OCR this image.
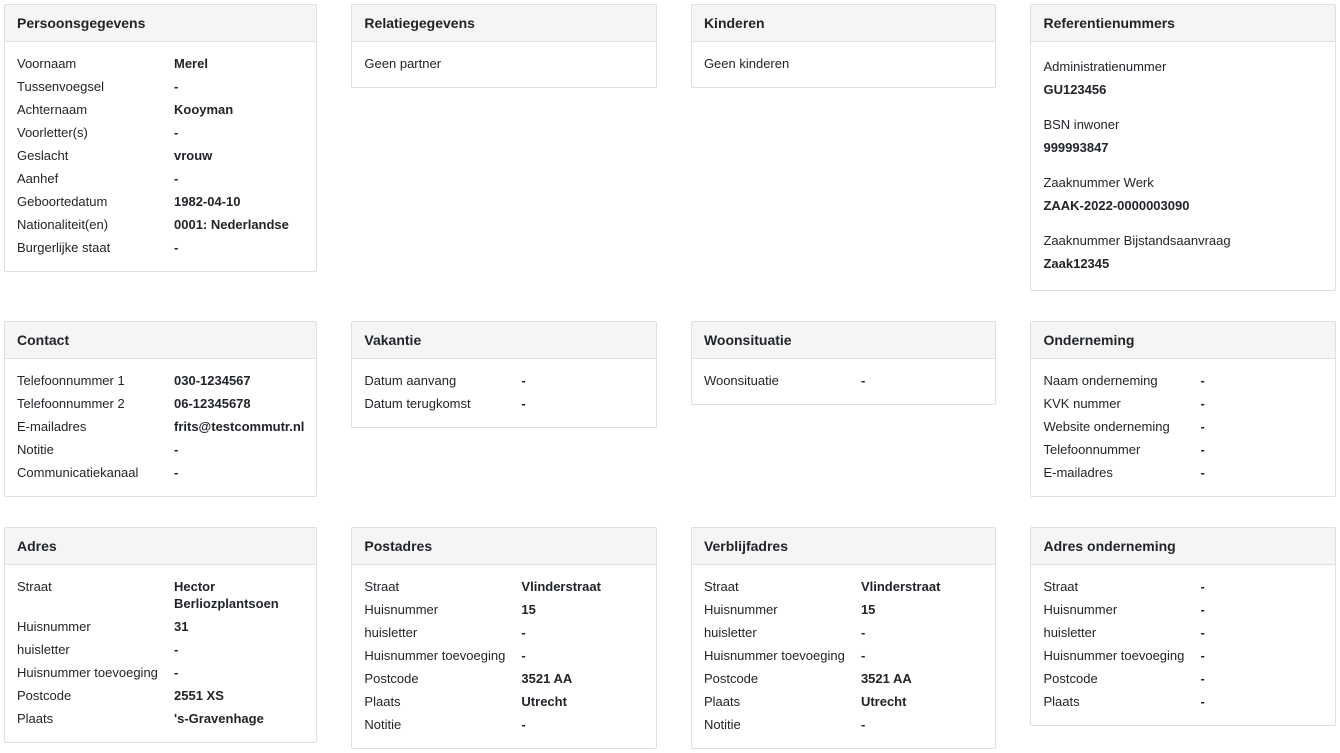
Persoonsgegevens
Voornaam	Merel
Tussenvoegsel	-
Achternaam	Kooyman
Voorletter(s)	-
Geslacht	vrouw
Aanhef	-
Geboortedatum	1982-04-10
Nationaliteit(en)	0001: Nederlandse
Burgerlijke staat	-
Relatiegegevens
Geen partner
Kinderen
Geen kinderen
Referentienummers
Administratienummer
GU123456
BSN inwoner
999993847
Zaaknummer Werk
ZAAK-2022-0000003090
Zaaknummer Bijstandsaanvraag
Zaak12345
Contact
Telefoonnummer 1	030-1234567
Telefoonnummer 2	06-12345678
E-mailadres	frits@testcommutr.nl
Notitie	-
Communicatiekanaal	-
Vakantie
Datum aanvang	-
Datum terugkomst	-
Woonsituatie
Woonsituatie	-
Onderneming
Naam onderneming	-
KVK nummer	-
Website onderneming	-
Telefoonnummer	-
E-mailadres	-
Adres
Straat	Hector Berliozplantsoen
Huisnummer	31
huisletter	-
Huisnummer toevoeging	-
Postcode	2551 XS
Plaats	's-Gravenhage
Postadres
Straat	Vlinderstraat
Huisnummer	15
huisletter	-
Huisnummer toevoeging	-
Postcode	3521 AA
Plaats	Utrecht
Notitie	-
Verblijfadres
Straat	Vlinderstraat
Huisnummer	15
huisletter	-
Huisnummer toevoeging	-
Postcode	3521 AA
Plaats	Utrecht
Notitie	-
Adres onderneming
Straat	-
Huisnummer	-
huisletter	-
Huisnummer toevoeging	-
Postcode	-
Plaats	-
